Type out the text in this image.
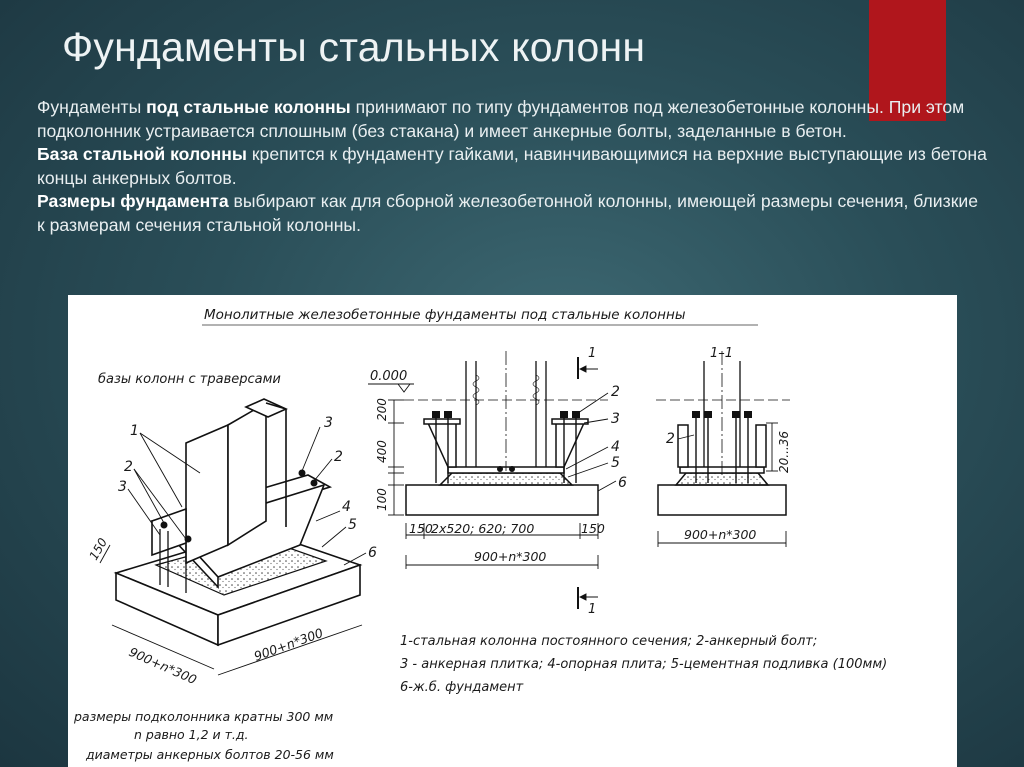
Фундаменты стальных колонн

Фундаменты под стальные колонны принимают по типу фундаментов под железобетонные колонны. При этом подколонник устраивается сплошным (без стакана) и имеет анкерные болты, заделанные в бетон.

База стальной колонны крепится к фундаменту гайками, навинчивающимися на верхние выступающие из бетона концы анкерных болтов.

Размеры фундамента выбирают как для сборной железобетонной колонны, имеющей размеры сечения, близкие к размерам сечения стальной колонны.

Монолитные железобетонные фундаменты под стальные колонны
базы колонн с траверсами
1
2
3
3
2
4
5
6
900+n*300	900+n*300
150
размеры подколонника кратны 300 мм
n равно 1,2 и т.д.
диаметры анкерных болтов 20-56 мм
0.000
200
400
100
150
2x520; 620; 700	150
900+n*300
2
3
4
5
6
1
1
1–1
2	20...36
900+n*300
1-стальная колонна постоянного сечения; 2-анкерный болт;
3 - анкерная плитка; 4-опорная плита; 5-цементная подливка (100мм)
6-ж.б. фундамент
